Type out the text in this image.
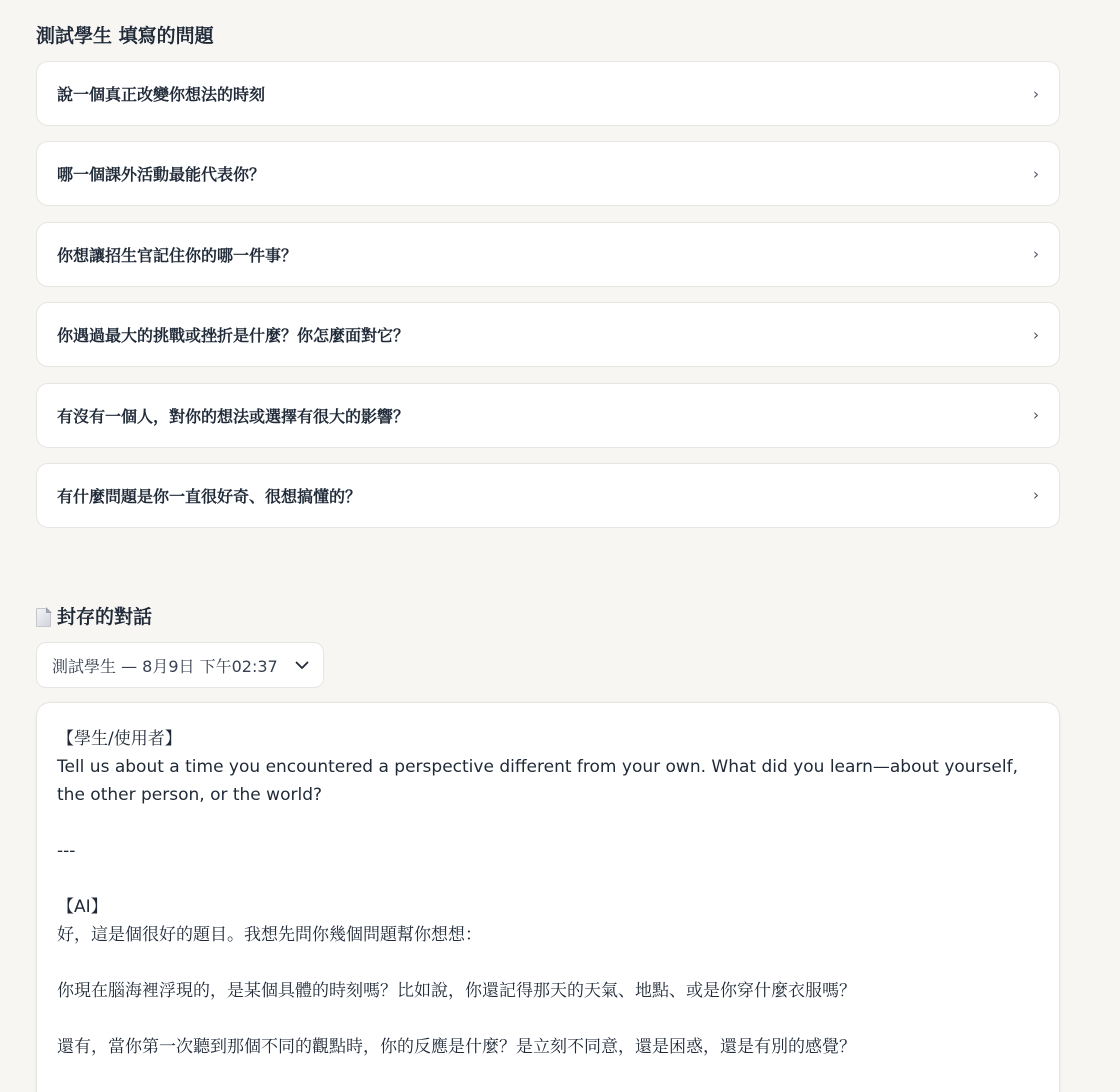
測試學生 填寫的問題
說一個真正改變你想法的時刻	›
哪一個課外活動最能代表你？	›
你想讓招生官記住你的哪一件事？	›
你遇過最大的挑戰或挫折是什麼？你怎麼面對它？	›
有沒有一個人，對你的想法或選擇有很大的影響？	›
有什麼問題是你一直很好奇、很想搞懂的？	›
封存的對話
測試學生 — 8月9日 下午02:37
【學生/使用者】
Tell us about a time you encountered a perspective different from your own. What did you learn—about yourself, the other person, or the world?
---
【AI】
好，這是個很好的題目。我想先問你幾個問題幫你想想：
你現在腦海裡浮現的，是某個具體的時刻嗎？比如說，你還記得那天的天氣、地點、或是你穿什麼衣服嗎？
還有，當你第一次聽到那個不同的觀點時，你的反應是什麼？是立刻不同意，還是困惑，還是有別的感覺？
